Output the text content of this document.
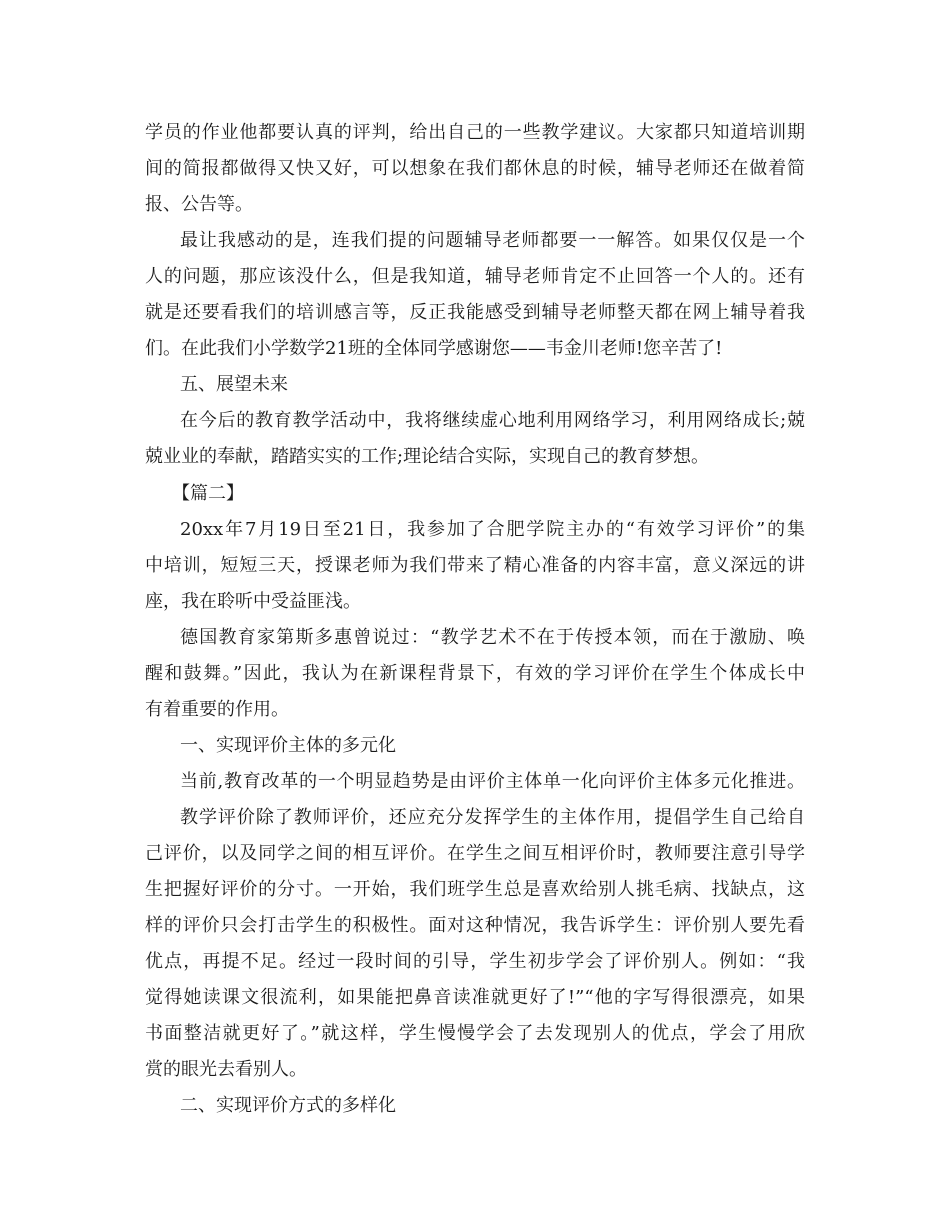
学员的作业他都要认真的评判，给出自己的一些教学建议。大家都只知道培训期
间的简报都做得又快又好，可以想象在我们都休息的时候，辅导老师还在做着简
报、公告等。
最让我感动的是，连我们提的问题辅导老师都要一一解答。如果仅仅是一个
人的问题，那应该没什么，但是我知道，辅导老师肯定不止回答一个人的。还有
就是还要看我们的培训感言等，反正我能感受到辅导老师整天都在网上辅导着我
们。在此我们小学数学21班的全体同学感谢您——韦金川老师!您辛苦了!
五、展望未来
在今后的教育教学活动中，我将继续虚心地利用网络学习，利用网络成长;兢
兢业业的奉献，踏踏实实的工作;理论结合实际，实现自己的教育梦想。
【篇二】
20xx年7月19日至21日，我参加了合肥学院主办的“有效学习评价”的集
中培训，短短三天，授课老师为我们带来了精心准备的内容丰富，意义深远的讲
座，我在聆听中受益匪浅。
德国教育家第斯多惠曾说过：“教学艺术不在于传授本领，而在于激励、唤
醒和鼓舞。”因此，我认为在新课程背景下，有效的学习评价在学生个体成长中
有着重要的作用。
一、实现评价主体的多元化
当前,教育改革的一个明显趋势是由评价主体单一化向评价主体多元化推进。
教学评价除了教师评价，还应充分发挥学生的主体作用，提倡学生自己给自
己评价，以及同学之间的相互评价。在学生之间互相评价时，教师要注意引导学
生把握好评价的分寸。一开始，我们班学生总是喜欢给别人挑毛病、找缺点，这
样的评价只会打击学生的积极性。面对这种情况，我告诉学生：评价别人要先看
优点，再提不足。经过一段时间的引导，学生初步学会了评价别人。例如：“我
觉得她读课文很流利，如果能把鼻音读准就更好了!”“他的字写得很漂亮，如果
书面整洁就更好了。”就这样，学生慢慢学会了去发现别人的优点，学会了用欣
赏的眼光去看别人。
二、实现评价方式的多样化
